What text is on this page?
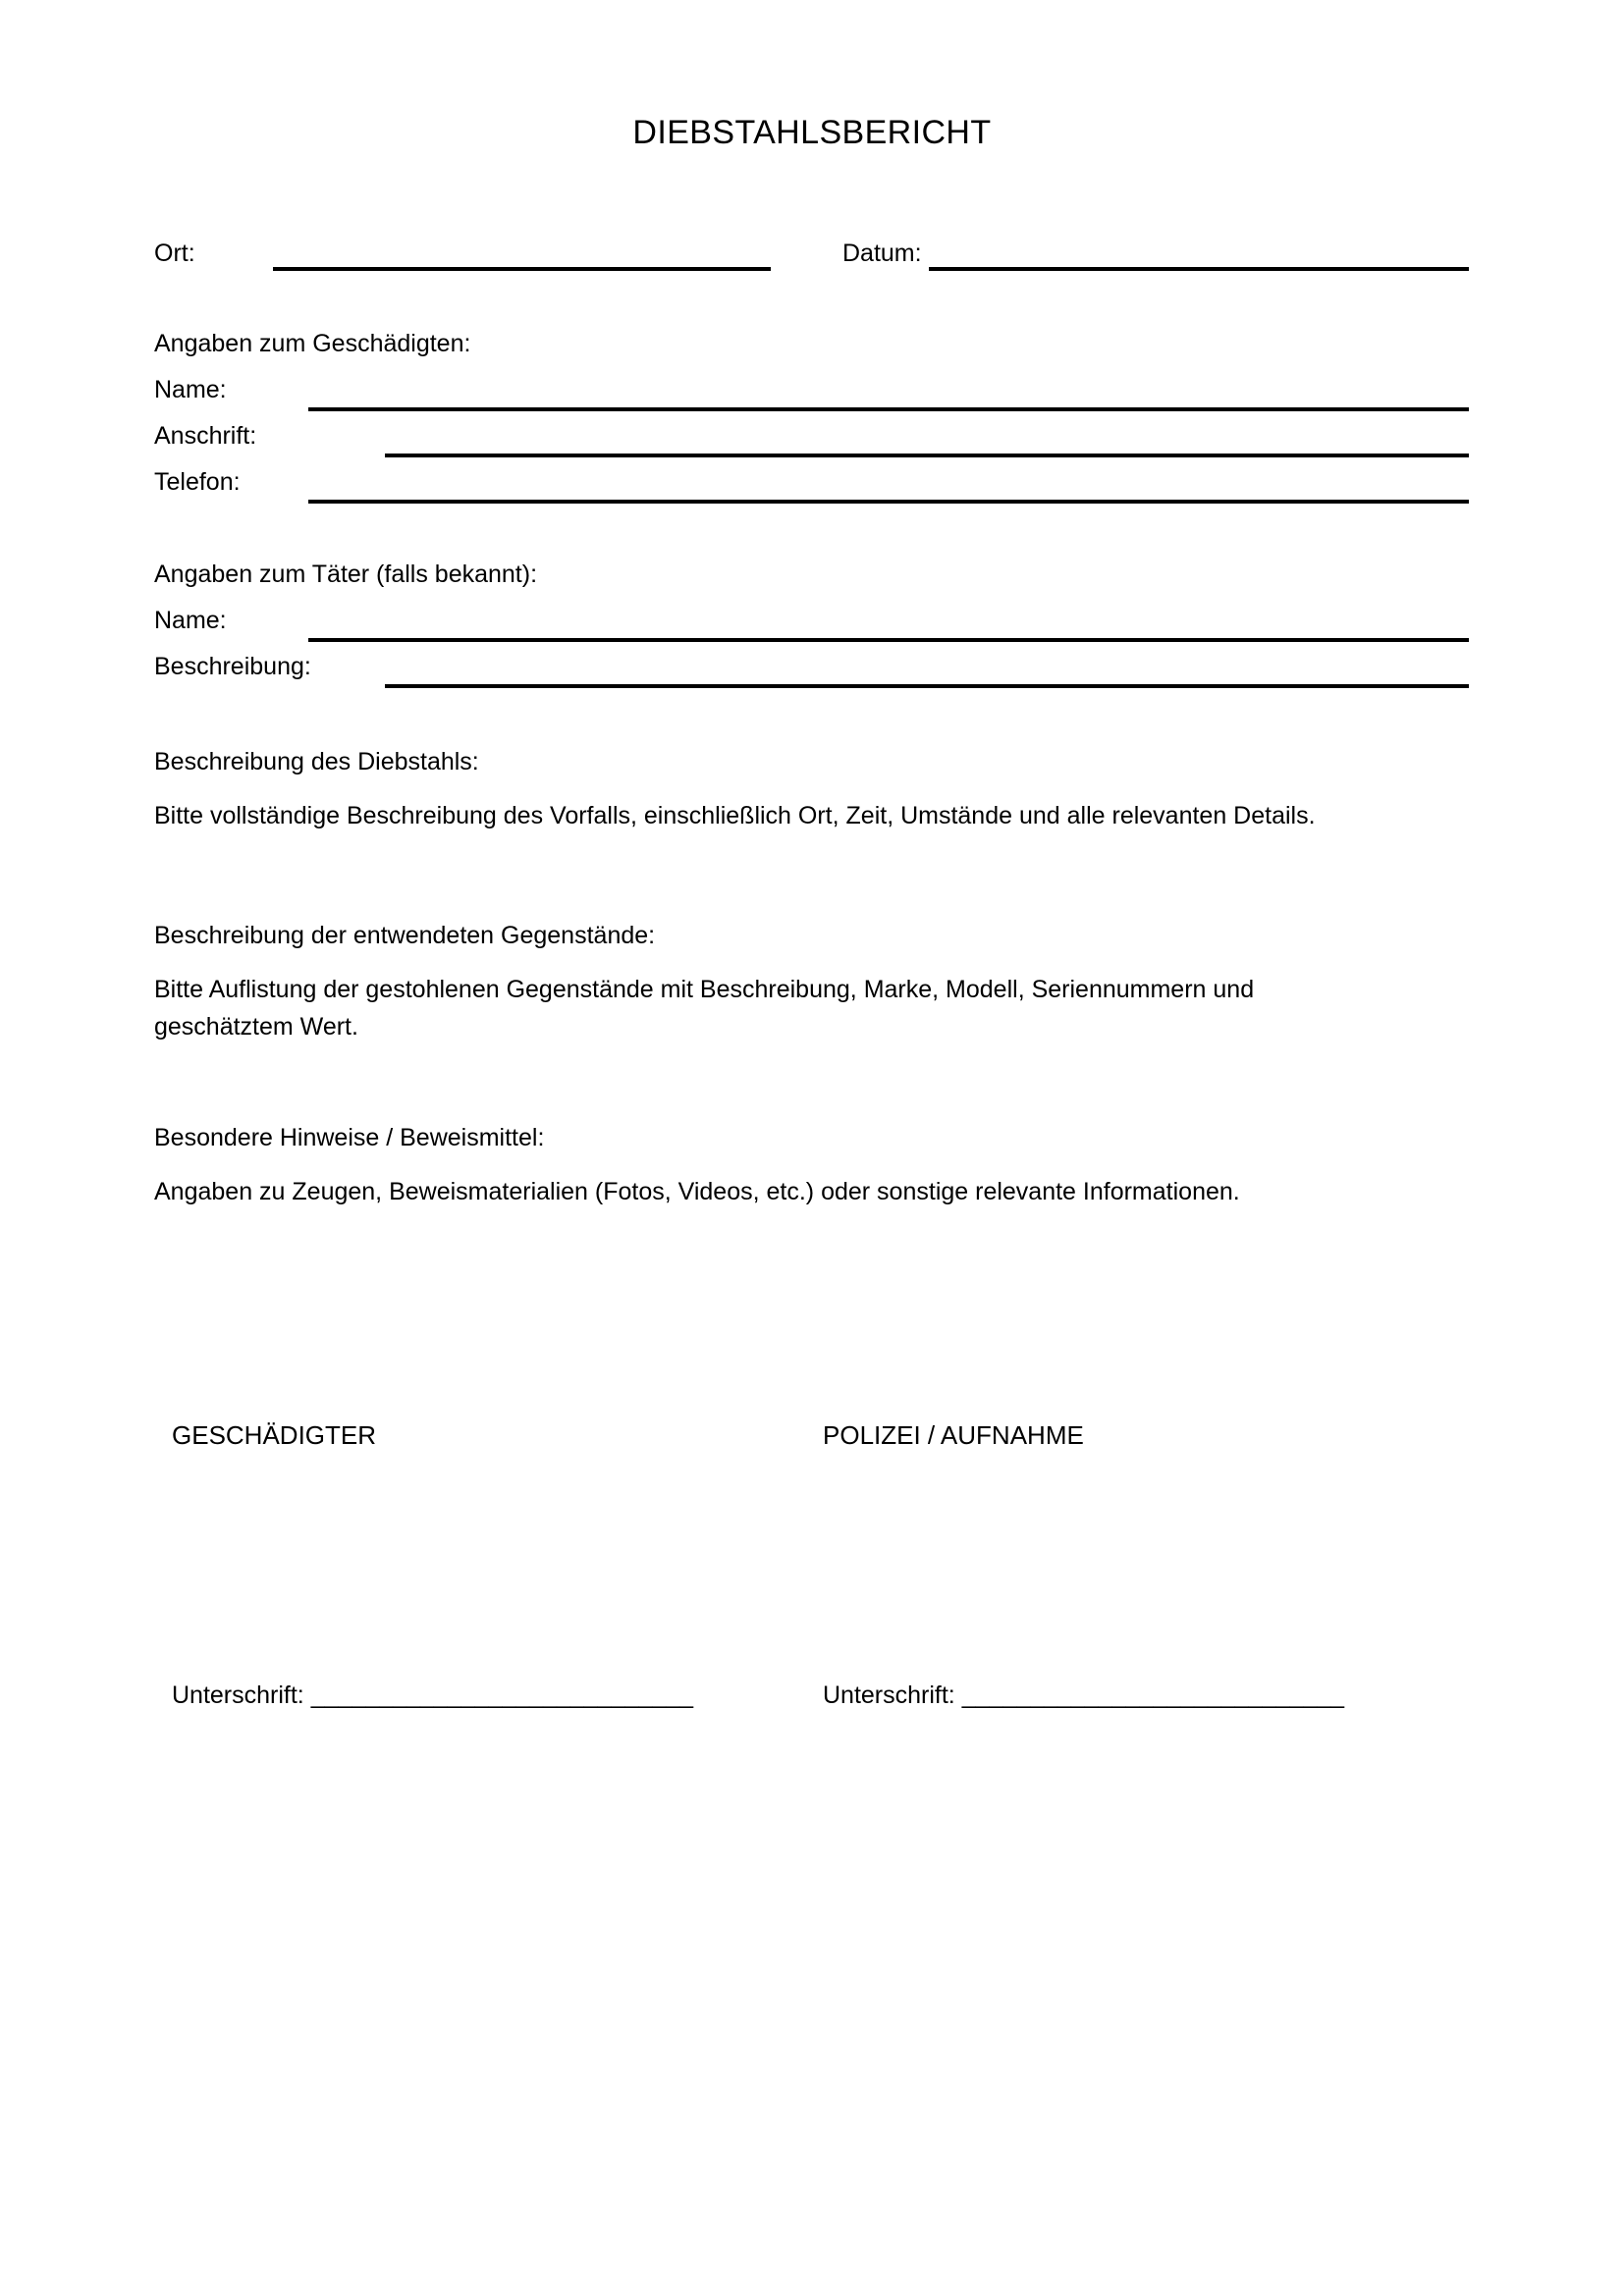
DIEBSTAHLSBERICHT
Ort:	Datum:
Angaben zum Geschädigten:
Name:
Anschrift:
Telefon:
Angaben zum Täter (falls bekannt):
Name:
Beschreibung:
Beschreibung des Diebstahls:
Bitte vollständige Beschreibung des Vorfalls, einschließlich Ort, Zeit, Umstände und alle relevanten Details.
Beschreibung der entwendeten Gegenstände:
Bitte Auflistung der gestohlenen Gegenstände mit Beschreibung, Marke, Modell, Seriennummern und geschätztem Wert.
Besondere Hinweise / Beweismittel:
Angaben zu Zeugen, Beweismaterialien (Fotos, Videos, etc.) oder sonstige relevante Informationen.
GESCHÄDIGTER	POLIZEI / AUFNAHME
Unterschrift: ____________________________	Unterschrift: ____________________________
